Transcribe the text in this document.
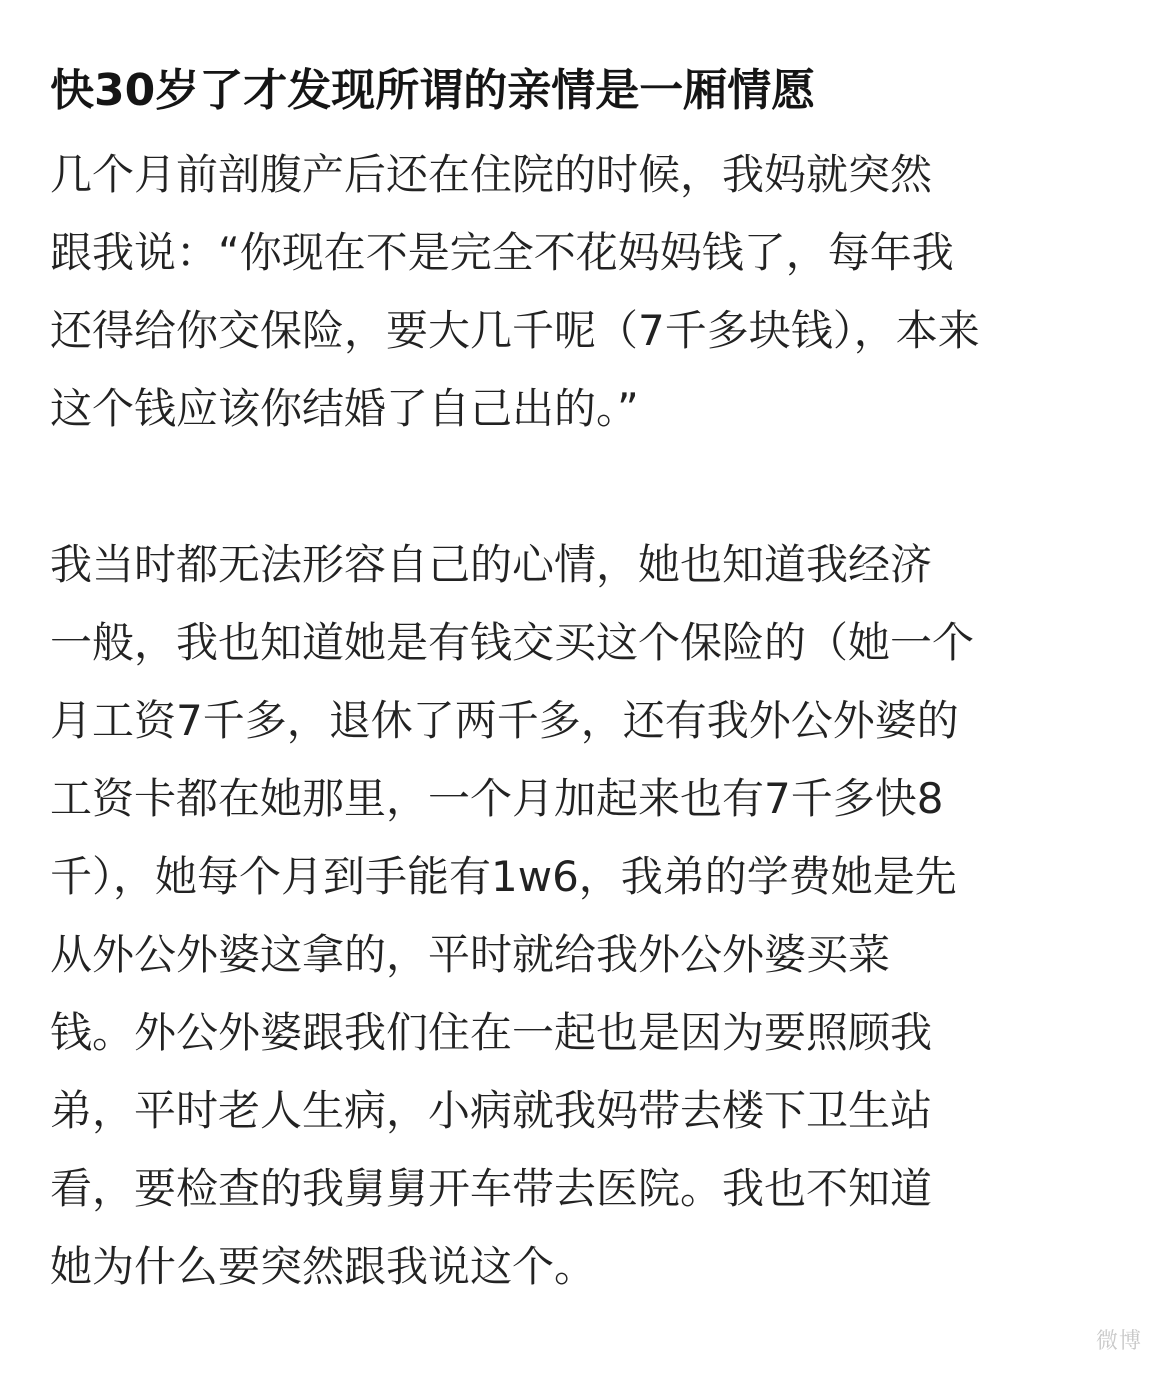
快30岁了才发现所谓的亲情是一厢情愿
几个月前剖腹产后还在住院的时候，我妈就突然
跟我说：“你现在不是完全不花妈妈钱了，每年我
还得给你交保险，要大几千呢（7千多块钱），本来
这个钱应该你结婚了自己出的。”
我当时都无法形容自己的心情，她也知道我经济
一般，我也知道她是有钱交买这个保险的（她一个
月工资7千多，退休了两千多，还有我外公外婆的
工资卡都在她那里，一个月加起来也有7千多快8
千），她每个月到手能有1w6，我弟的学费她是先
从外公外婆这拿的，平时就给我外公外婆买菜
钱。外公外婆跟我们住在一起也是因为要照顾我
弟，平时老人生病，小病就我妈带去楼下卫生站
看，要检查的我舅舅开车带去医院。我也不知道
她为什么要突然跟我说这个。
微博
